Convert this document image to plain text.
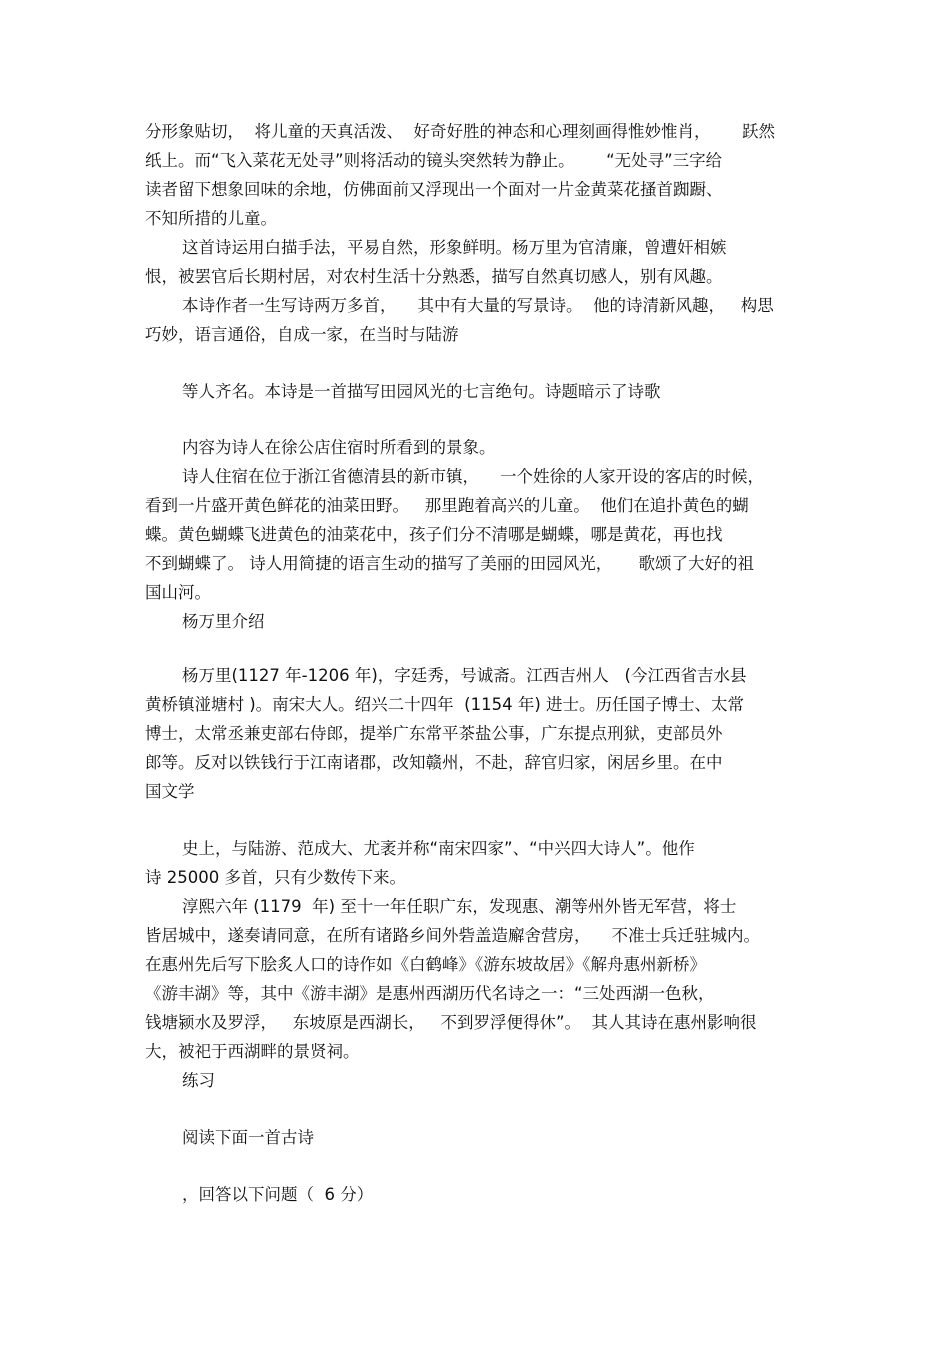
分形象贴切，  将儿童的天真活泼、  好奇好胜的神态和心理刻画得惟妙惟肖，      跃然

纸上。而“飞入菜花无处寻”则将活动的镜头突然转为静止。      “无处寻”三字给

读者留下想象回味的余地，仿佛面前又浮现出一个面对一片金黄菜花搔首踟蹰、

不知所措的儿童。

这首诗运用白描手法，平易自然，形象鲜明。杨万里为官清廉，曾遭奸相嫉

恨，被罢官后长期村居，对农村生活十分熟悉，描写自然真切感人，别有风趣。

本诗作者一生写诗两万多首，    其中有大量的写景诗。  他的诗清新风趣，   构思

巧妙，语言通俗，自成一家，在当时与陆游

等人齐名。本诗是一首描写田园风光的七言绝句。诗题暗示了诗歌

内容为诗人在徐公店住宿时所看到的景象。

诗人住宿在位于浙江省德清县的新市镇，    一个姓徐的人家开设的客店的时候，

看到一片盛开黄色鲜花的油菜田野。   那里跑着高兴的儿童。  他们在追扑黄色的蝴

蝶。黄色蝴蝶飞进黄色的油菜花中，孩子们分不清哪是蝴蝶，哪是黄花，再也找

不到蝴蝶了。 诗人用简捷的语言生动的描写了美丽的田园风光，     歌颂了大好的祖

国山河。

杨万里介绍

杨万里(1127 年-1206 年)，字廷秀，号诚斋。江西吉州人   (今江西省吉水县

黄桥镇湴塘村 )。南宋大人。绍兴二十四年  (1154 年) 进士。历任国子博士、太常

博士，太常丞兼吏部右侍郎，提举广东常平茶盐公事，广东提点刑狱，吏部员外

郎等。反对以铁钱行于江南诸郡，改知赣州，不赴，辞官归家，闲居乡里。在中

国文学

史上，与陆游、范成大、尤袤并称“南宋四家”、“中兴四大诗人”。他作

诗 25000 多首，只有少数传下来。

淳熙六年 (1179  年) 至十一年任职广东，发现惠、潮等州外皆无军营，将士

皆居城中，遂奏请同意，在所有诸路乡间外砦盖造廨舍营房，    不准士兵迁驻城内。

在惠州先后写下脍炙人口的诗作如《白鹤峰》《游东坡故居》《解舟惠州新桥》

《游丰湖》等，其中《游丰湖》是惠州西湖历代名诗之一：“三处西湖一色秋，

钱塘颍水及罗浮，   东坡原是西湖长，   不到罗浮便得休”。  其人其诗在惠州影响很

大，被祀于西湖畔的景贤祠。

练习

阅读下面一首古诗

，回答以下问题（  6 分）
